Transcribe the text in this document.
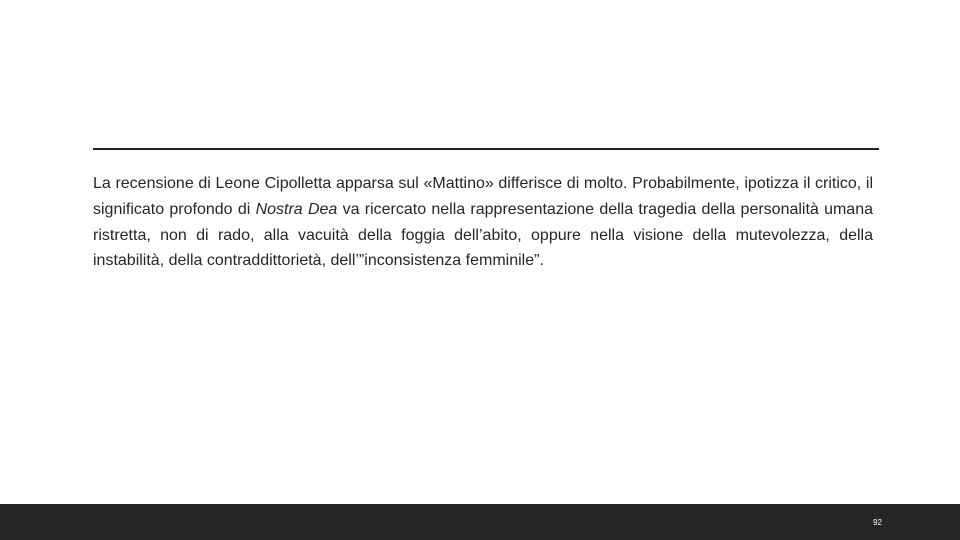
La recensione di Leone Cipolletta apparsa sul «Mattino» differisce di molto. Probabilmente, ipotizza il critico, il significato profondo di Nostra Dea va ricercato nella rappresentazione della tragedia della personalità umana ristretta, non di rado, alla vacuità della foggia dell’abito, oppure nella visione della mutevolezza, della instabilità, della contraddittorietà, dell’”inconsistenza femminile”.

92
